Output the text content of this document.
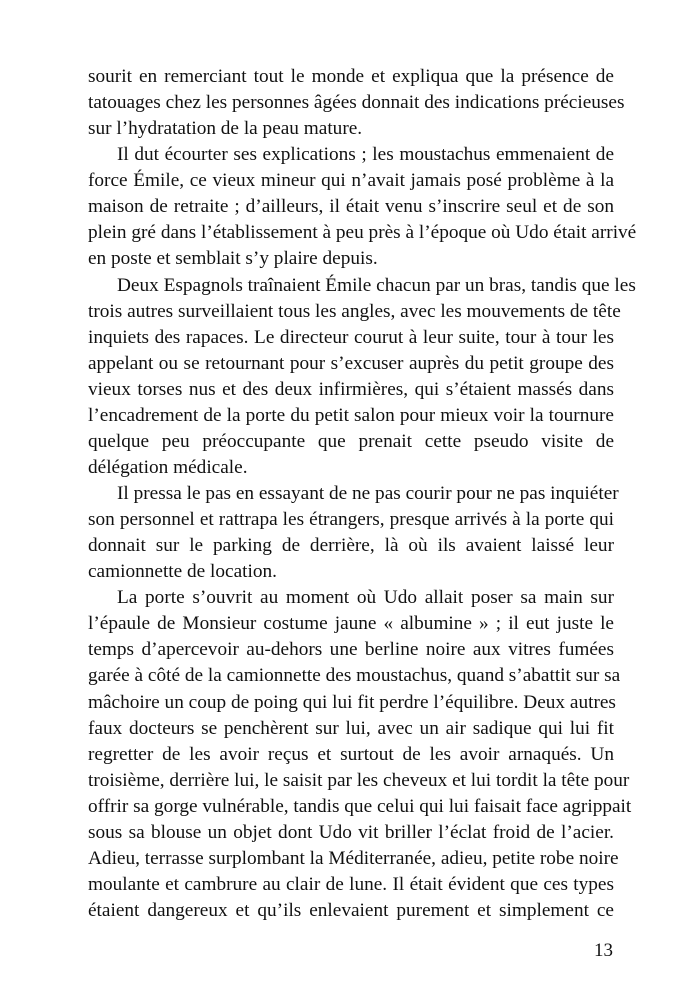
sourit en remerciant tout le monde et expliqua que la présence de
tatouages chez les personnes âgées donnait des indications précieuses
sur l’hydratation de la peau mature.
Il dut écourter ses explications ; les moustachus emmenaient de
force Émile, ce vieux mineur qui n’avait jamais posé problème à la
maison de retraite ; d’ailleurs, il était venu s’inscrire seul et de son
plein gré dans l’établissement à peu près à l’époque où Udo était arrivé
en poste et semblait s’y plaire depuis.
Deux Espagnols traînaient Émile chacun par un bras, tandis que les
trois autres surveillaient tous les angles, avec les mouvements de tête
inquiets des rapaces. Le directeur courut à leur suite, tour à tour les
appelant ou se retournant pour s’excuser auprès du petit groupe des
vieux torses nus et des deux infirmières, qui s’étaient massés dans
l’encadrement de la porte du petit salon pour mieux voir la tournure
quelque peu préoccupante que prenait cette pseudo visite de
délégation médicale.
Il pressa le pas en essayant de ne pas courir pour ne pas inquiéter
son personnel et rattrapa les étrangers, presque arrivés à la porte qui
donnait sur le parking de derrière, là où ils avaient laissé leur
camionnette de location.
La porte s’ouvrit au moment où Udo allait poser sa main sur
l’épaule de Monsieur costume jaune « albumine » ; il eut juste le
temps d’apercevoir au-dehors une berline noire aux vitres fumées
garée à côté de la camionnette des moustachus, quand s’abattit sur sa
mâchoire un coup de poing qui lui fit perdre l’équilibre. Deux autres
faux docteurs se penchèrent sur lui, avec un air sadique qui lui fit
regretter de les avoir reçus et surtout de les avoir arnaqués. Un
troisième, derrière lui, le saisit par les cheveux et lui tordit la tête pour
offrir sa gorge vulnérable, tandis que celui qui lui faisait face agrippait
sous sa blouse un objet dont Udo vit briller l’éclat froid de l’acier.
Adieu, terrasse surplombant la Méditerranée, adieu, petite robe noire
moulante et cambrure au clair de lune. Il était évident que ces types
étaient dangereux et qu’ils enlevaient purement et simplement ce
13
